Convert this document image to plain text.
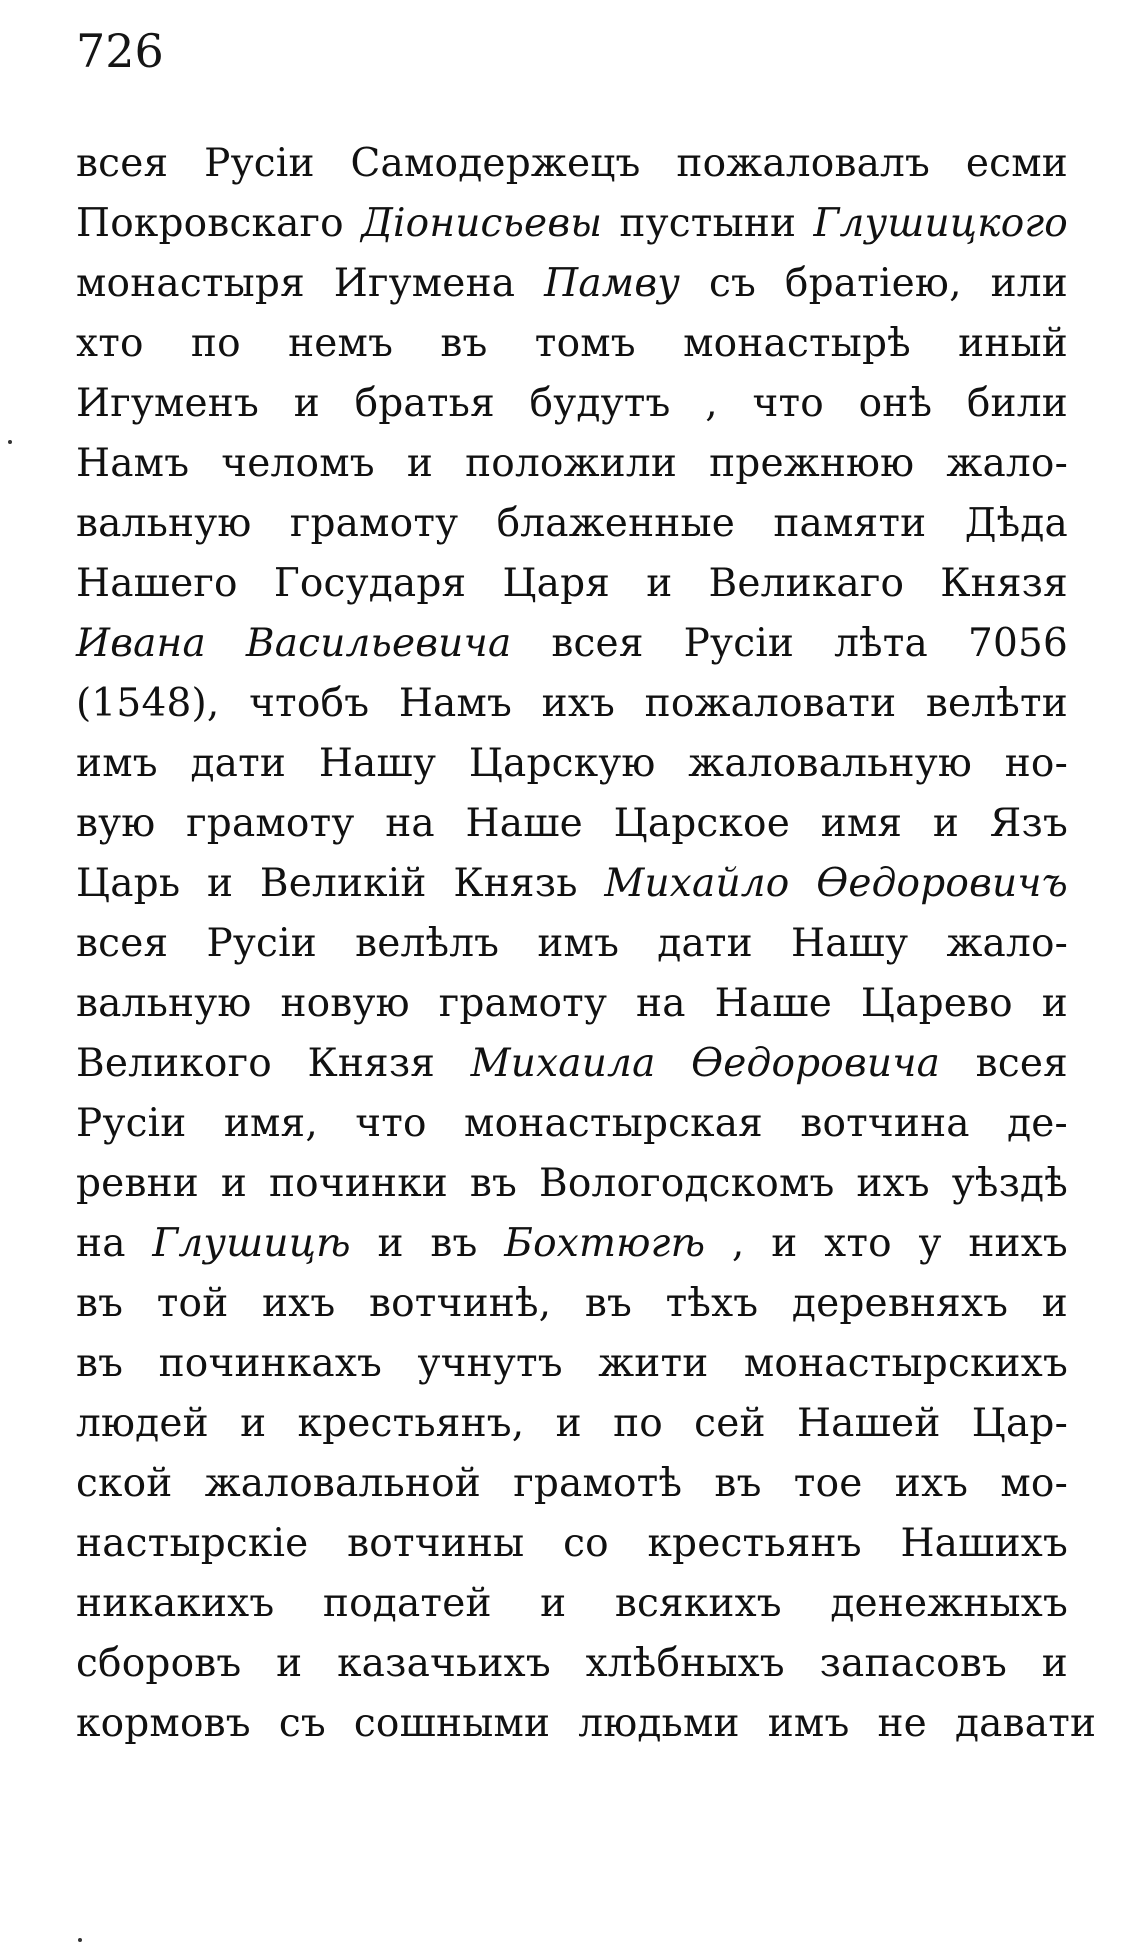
726
всея Русіи Самодержецъ пожаловалъ есми
Покровскаго Діонисьевы пустыни Глушицкого
монастыря Игумена Памву съ братіею, или
хто по немъ въ томъ монастырѣ иный
Игуменъ и братья будутъ , что онѣ били
Намъ челомъ и положили прежнюю жало-
вальную грамоту блаженные памяти Дѣда
Нашего Государя Царя и Великаго Князя
Ивана Васильевича всея Русіи лѣта 7056
(1548), чтобъ Намъ ихъ пожаловати велѣти
имъ дати Нашу Царскую жаловальную но-
вую грамоту на Наше Царское имя и Язъ
Царь и Великій Князь Михайло Өедоровичъ
всея Русіи велѣлъ имъ дати Нашу жало-
вальную новую грамоту на Наше Царево и
Великого Князя Михаила Өедоровича всея
Русіи имя, что монастырская вотчина де-
ревни и починки въ Вологодскомъ ихъ уѣздѣ
на Глушицѣ и въ Бохтюгѣ , и хто у нихъ
въ той ихъ вотчинѣ, въ тѣхъ деревняхъ и
въ починкахъ учнутъ жити монастырскихъ
людей и крестьянъ, и по сей Нашей Цар-
ской жаловальной грамотѣ въ тое ихъ мо-
настырскіе вотчины со крестьянъ Нашихъ
никакихъ податей и всякихъ денежныхъ
сборовъ и казачьихъ хлѣбныхъ запасовъ и
кормовъ съ сошными людьми имъ не давати
